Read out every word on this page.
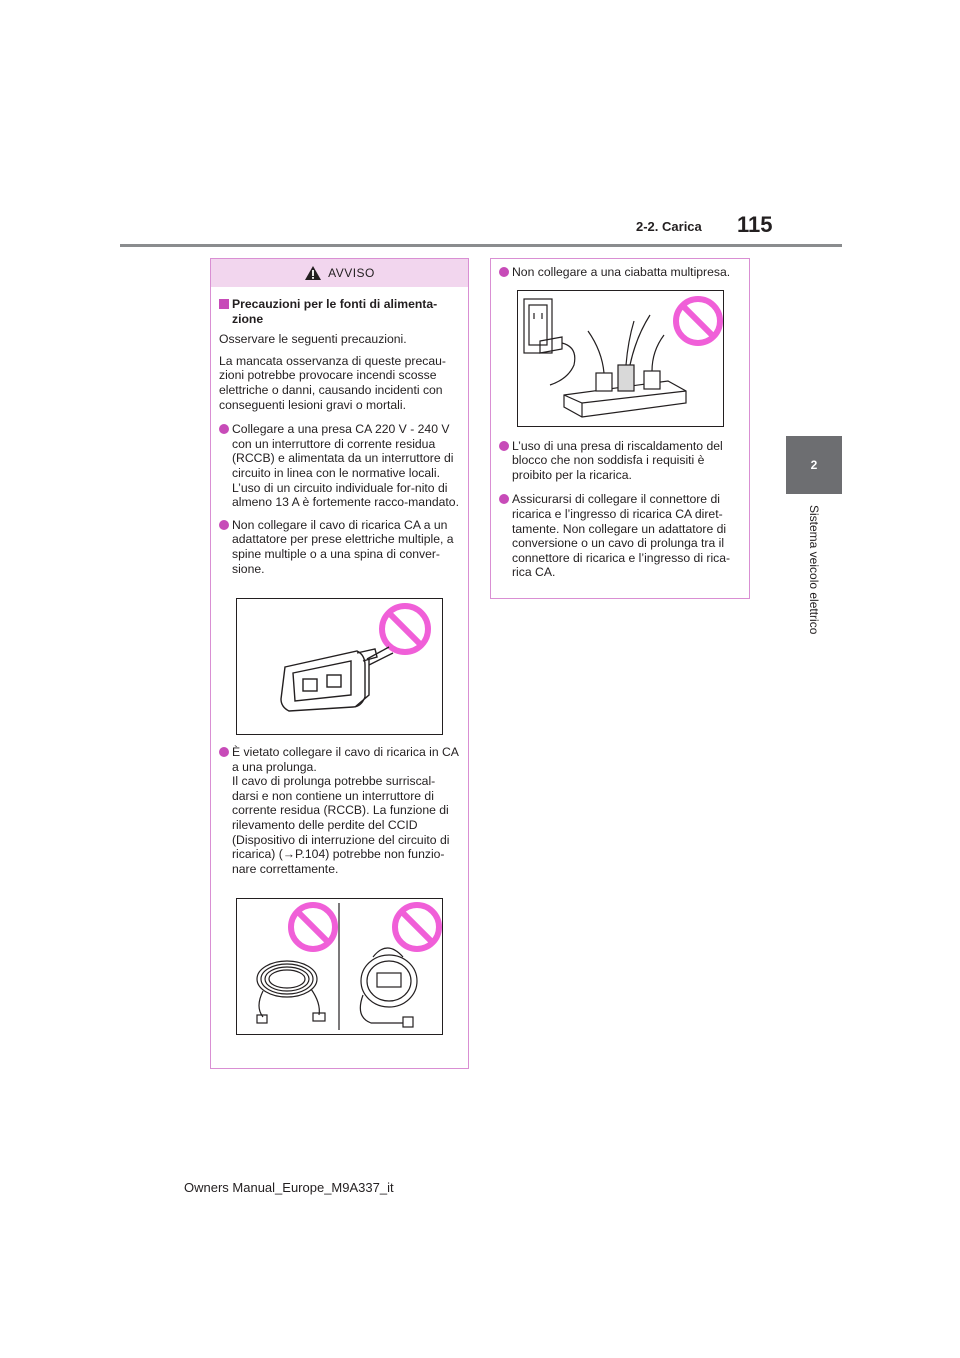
2-2. Carica 115
2
Sistema veicolo elettrico
AVVISO
Precauzioni per le fonti di alimenta-zione

Osservare le seguenti precauzioni.

La mancata osservanza di queste precau-zioni potrebbe provocare incendi scosse elettriche o danni, causando incidenti con conseguenti lesioni gravi o mortali.

Collegare a una presa CA 220 V - 240 V con un interruttore di corrente residua (RCCB) e alimentata da un interruttore di circuito in linea con le normative locali. L’uso di un circuito individuale for-nito di almeno 13 A è fortemente racco-mandato.
Non collegare il cavo di ricarica CA a un adattatore per prese elettriche multiple, a spine multiple o a una spina di conver-sione.
È vietato collegare il cavo di ricarica in CA a una prolunga.
Il cavo di prolunga potrebbe surriscal-darsi e non contiene un interruttore di corrente residua (RCCB). La funzione di rilevamento delle perdite del CCID (Dispositivo di interruzione del circuito di ricarica) (→P.104) potrebbe non funzio-nare correttamente.
Non collegare a una ciabatta multipresa.
L’uso di una presa di riscaldamento del blocco che non soddisfa i requisiti è proibito per la ricarica.
Assicurarsi di collegare il connettore di ricarica e l’ingresso di ricarica CA diret-tamente. Non collegare un adattatore di conversione o un cavo di prolunga tra il connettore di ricarica e l’ingresso di rica-rica CA.
Owners Manual_Europe_M9A337_it
